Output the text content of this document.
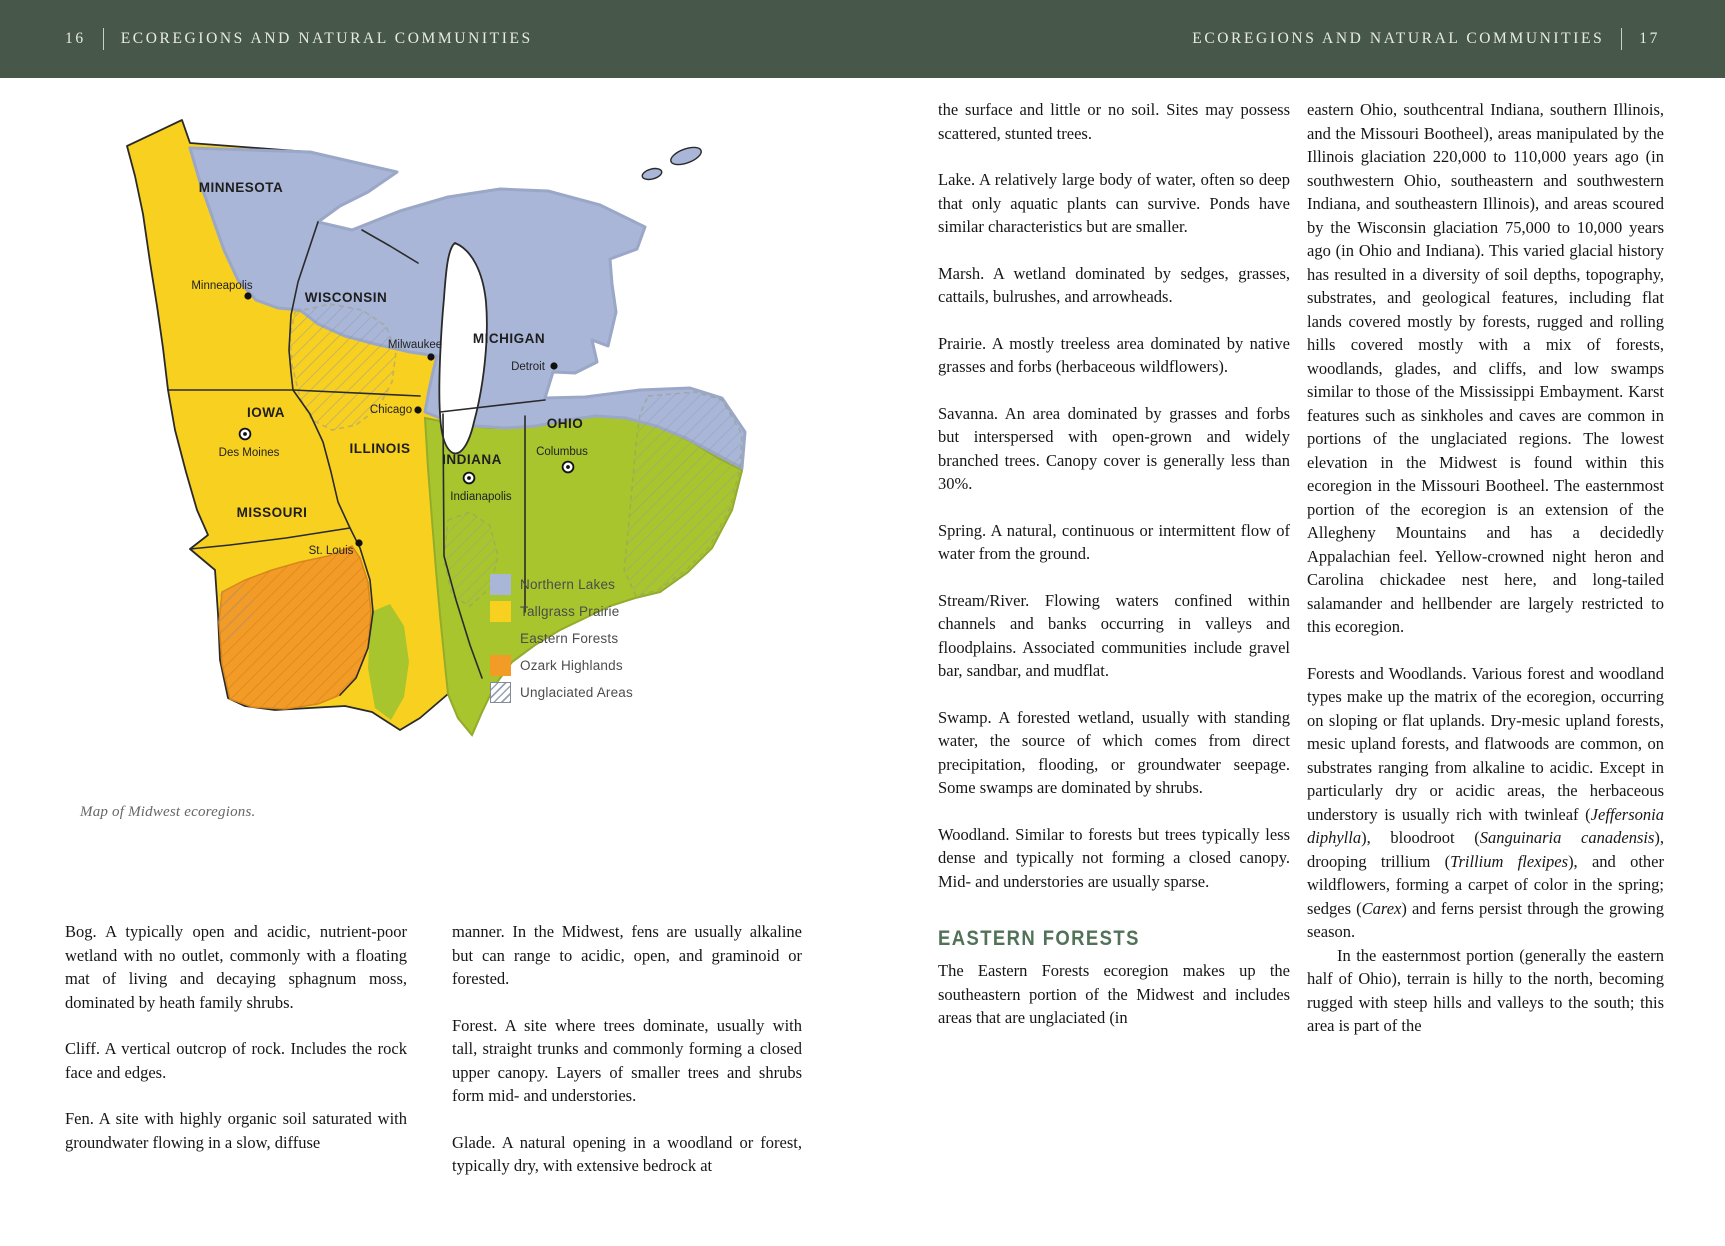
16 ECOREGIONS AND NATURAL COMMUNITIES	ECOREGIONS AND NATURAL COMMUNITIES 17
MINNESOTA
WISCONSIN
MICHIGAN
IOWA
ILLINOIS
INDIANA
OHIO
MISSOURI
Minneapolis
Milwaukee
Detroit
Chicago
Des Moines
St. Louis
Indianapolis
Columbus
Northern Lakes
Tallgrass Prairie
Eastern Forests
Ozark Highlands
Unglaciated Areas
Map of Midwest ecoregions.

Bog. A typically open and acidic, nutrient-poor wetland with no outlet, commonly with a floating mat of living and decaying sphagnum moss, dominated by heath family shrubs.

Cliff. A vertical outcrop of rock. Includes the rock face and edges.

Fen. A site with highly organic soil saturated with groundwater flowing in a slow, diffuse

manner. In the Midwest, fens are usually alkaline but can range to acidic, open, and graminoid or forested.

Forest. A site where trees dominate, usually with tall, straight trunks and commonly forming a closed upper canopy. Layers of smaller trees and shrubs form mid- and understories.

Glade. A natural opening in a woodland or forest, typically dry, with extensive bedrock at

the surface and little or no soil. Sites may possess scattered, stunted trees.

Lake. A relatively large body of water, often so deep that only aquatic plants can survive. Ponds have similar characteristics but are smaller.

Marsh. A wetland dominated by sedges, grasses, cattails, bulrushes, and arrowheads.

Prairie. A mostly treeless area dominated by native grasses and forbs (herbaceous wildflowers).

Savanna. An area dominated by grasses and forbs but interspersed with open-grown and widely branched trees. Canopy cover is generally less than 30%.

Spring. A natural, continuous or intermittent flow of water from the ground.

Stream/River. Flowing waters confined within channels and banks occurring in valleys and floodplains. Associated communities include gravel bar, sandbar, and mudflat.

Swamp. A forested wetland, usually with standing water, the source of which comes from direct precipitation, flooding, or groundwater seepage. Some swamps are dominated by shrubs.

Woodland. Similar to forests but trees typically less dense and typically not forming a closed canopy. Mid- and understories are usually sparse.

EASTERN FORESTS

The Eastern Forests ecoregion makes up the southeastern portion of the Midwest and includes areas that are unglaciated (in

eastern Ohio, southcentral Indiana, southern Illinois, and the Missouri Bootheel), areas manipulated by the Illinois glaciation 220,000 to 110,000 years ago (in southwestern Ohio, southeastern and southwestern Indiana, and southeastern Illinois), and areas scoured by the Wisconsin glaciation 75,000 to 10,000 years ago (in Ohio and Indiana). This varied glacial history has resulted in a diversity of soil depths, topography, substrates, and geological features, including flat lands covered mostly by forests, rugged and rolling hills covered mostly with a mix of forests, woodlands, glades, and cliffs, and low swamps similar to those of the Mississippi Embayment. Karst features such as sinkholes and caves are common in portions of the unglaciated regions. The lowest elevation in the Midwest is found within this ecoregion in the Missouri Bootheel. The easternmost portion of the ecoregion is an extension of the Allegheny Mountains and has a decidedly Appalachian feel. Yellow-crowned night heron and Carolina chickadee nest here, and long-tailed salamander and hellbender are largely restricted to this ecoregion.

Forests and Woodlands. Various forest and woodland types make up the matrix of the ecoregion, occurring on sloping or flat uplands. Dry-mesic upland forests, mesic upland forests, and flatwoods are common, on substrates ranging from alkaline to acidic. Except in particularly dry or acidic areas, the herbaceous understory is usually rich with twinleaf (Jeffersonia diphylla), bloodroot (Sanguinaria canadensis), drooping trillium (Trillium flexipes), and other wildflowers, forming a carpet of color in the spring; sedges (Carex) and ferns persist through the growing season.

In the easternmost portion (generally the eastern half of Ohio), terrain is hilly to the north, becoming rugged with steep hills and valleys to the south; this area is part of the
